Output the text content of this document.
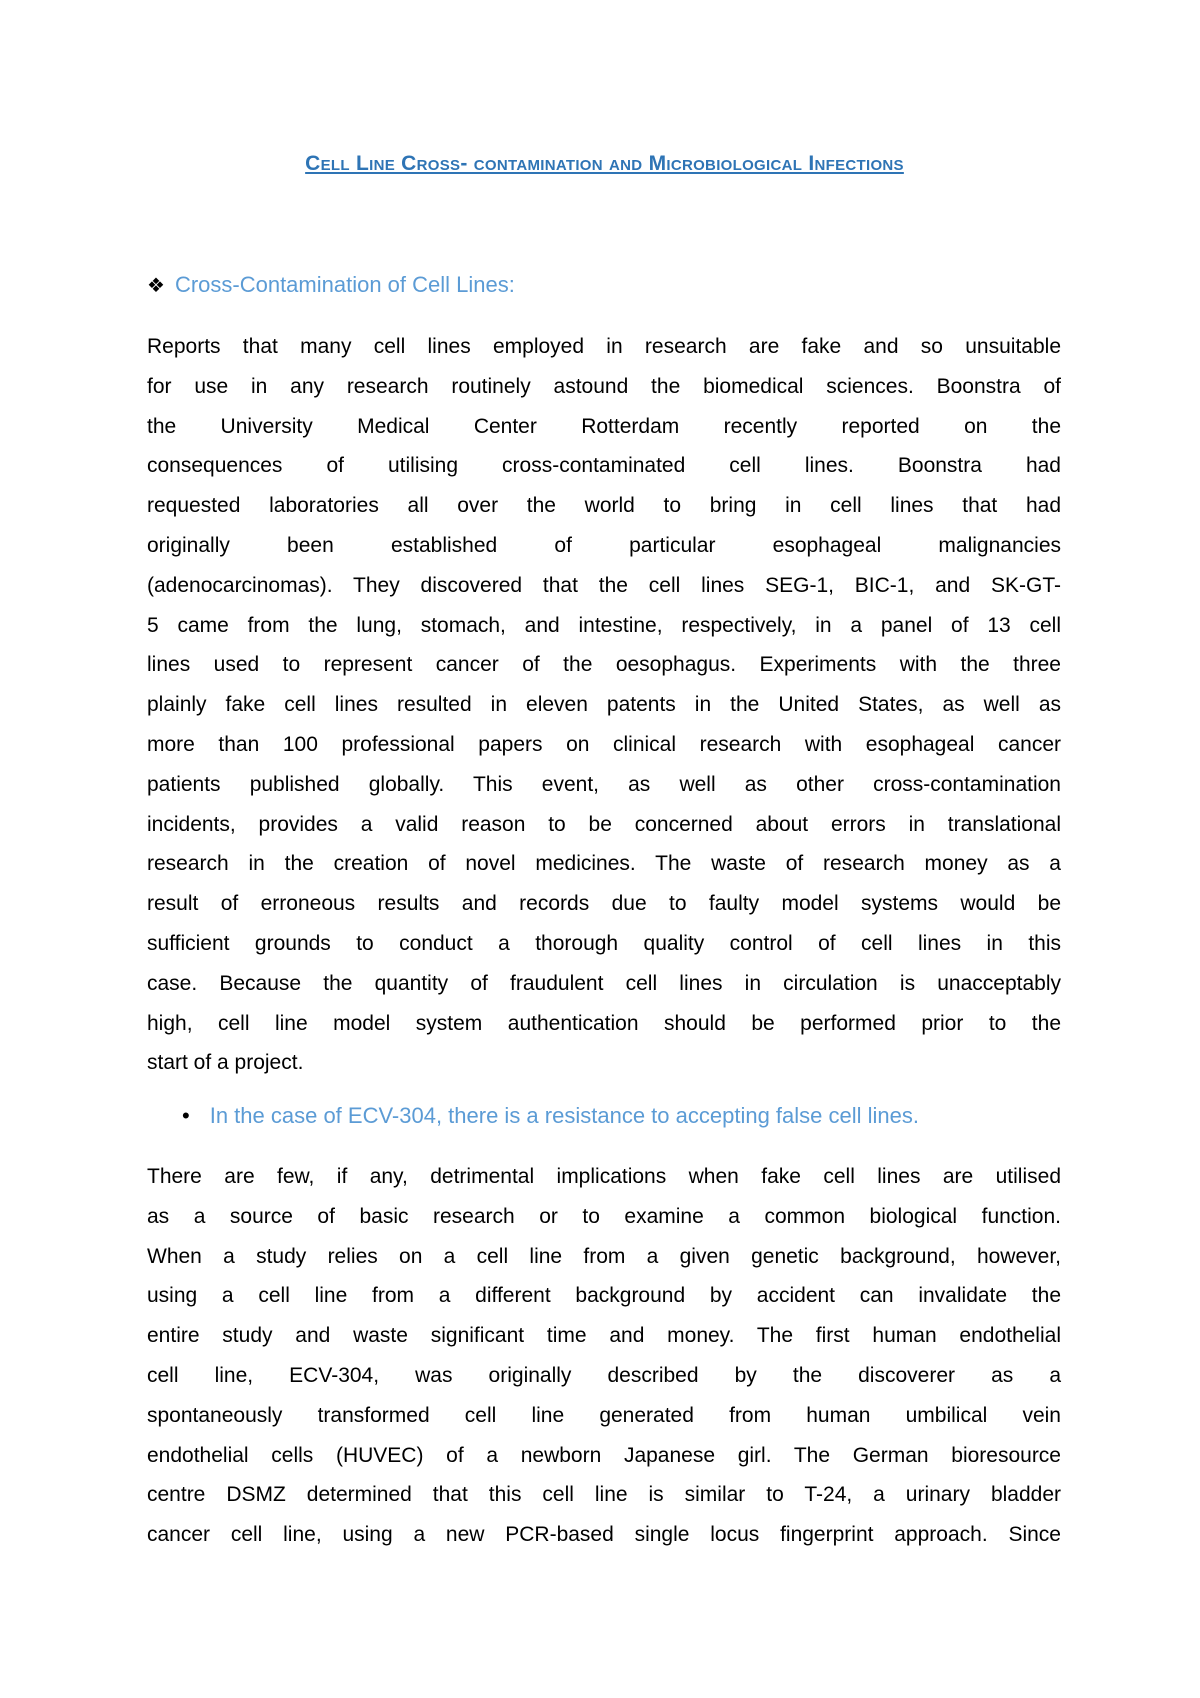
Cell Line Cross- contamination and Microbiological Infections
❖ Cross-Contamination of Cell Lines:
Reports that many cell lines employed in research are fake and so unsuitable
for use in any research routinely astound the biomedical sciences. Boonstra of
the University Medical Center Rotterdam recently reported on the
consequences of utilising cross-contaminated cell lines. Boonstra had
requested laboratories all over the world to bring in cell lines that had
originally been established of particular esophageal malignancies
(adenocarcinomas). They discovered that the cell lines SEG-1, BIC-1, and SK-GT-
5 came from the lung, stomach, and intestine, respectively, in a panel of 13 cell
lines used to represent cancer of the oesophagus. Experiments with the three
plainly fake cell lines resulted in eleven patents in the United States, as well as
more than 100 professional papers on clinical research with esophageal cancer
patients published globally. This event, as well as other cross-contamination
incidents, provides a valid reason to be concerned about errors in translational
research in the creation of novel medicines. The waste of research money as a
result of erroneous results and records due to faulty model systems would be
sufficient grounds to conduct a thorough quality control of cell lines in this
case. Because the quantity of fraudulent cell lines in circulation is unacceptably
high, cell line model system authentication should be performed prior to the
start of a project.
• In the case of ECV-304, there is a resistance to accepting false cell lines.
There are few, if any, detrimental implications when fake cell lines are utilised
as a source of basic research or to examine a common biological function.
When a study relies on a cell line from a given genetic background, however,
using a cell line from a different background by accident can invalidate the
entire study and waste significant time and money. The first human endothelial
cell line, ECV-304, was originally described by the discoverer as a
spontaneously transformed cell line generated from human umbilical vein
endothelial cells (HUVEC) of a newborn Japanese girl. The German bioresource
centre DSMZ determined that this cell line is similar to T-24, a urinary bladder
cancer cell line, using a new PCR-based single locus fingerprint approach. Since
